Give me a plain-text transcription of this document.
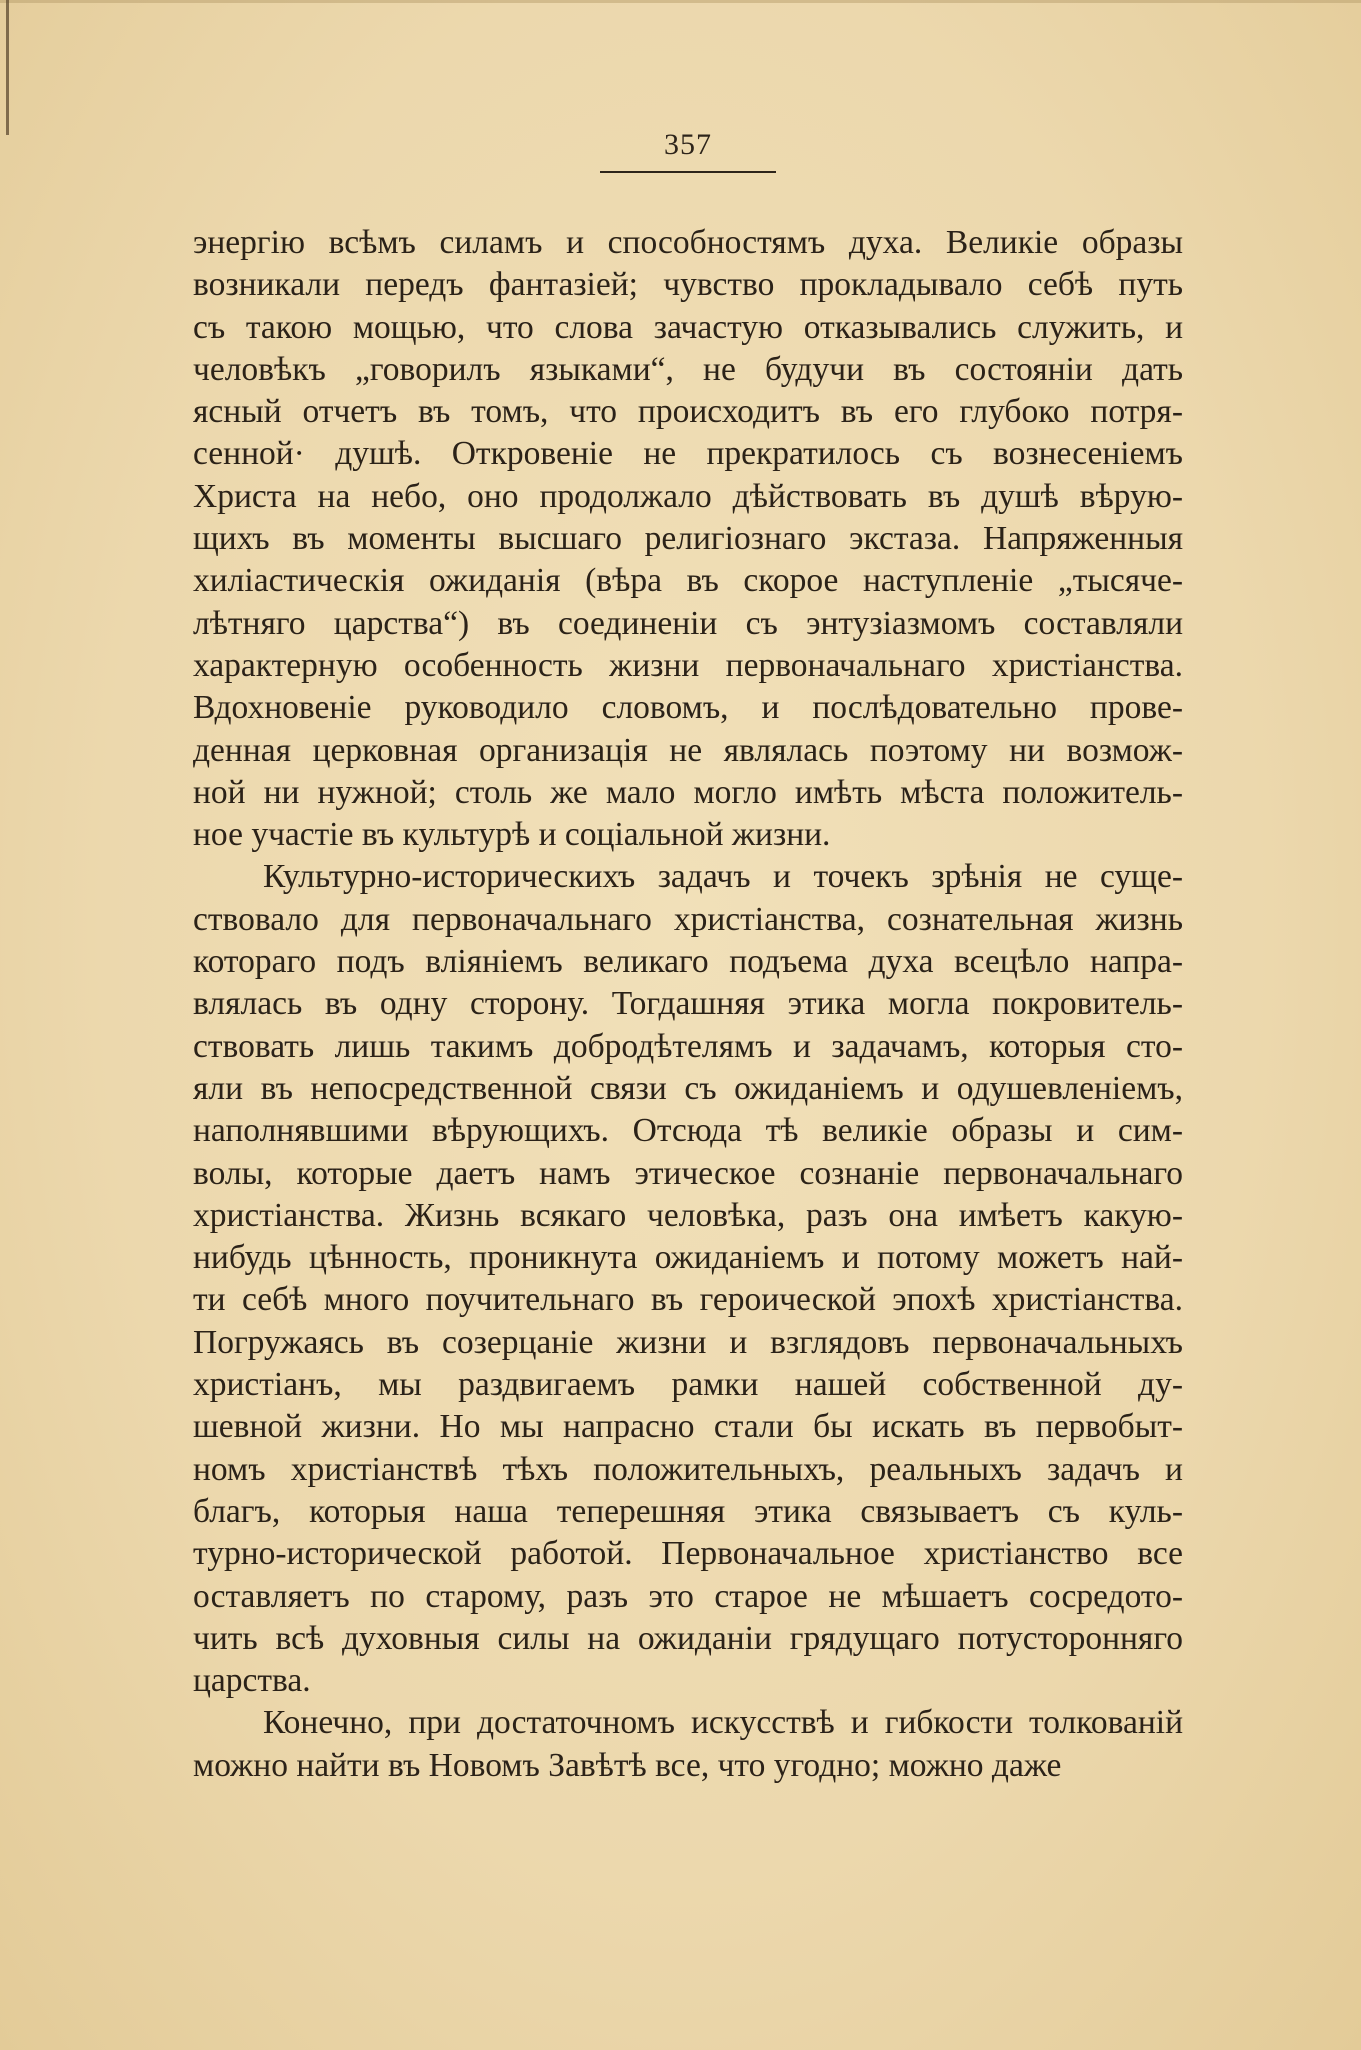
357

энергію всѣмъ силамъ и способностямъ духа. Великіе образы
возникали передъ фантазіей; чувство прокладывало себѣ путь
съ такою мощью, что слова зачастую отказывались служить, и
человѣкъ „говорилъ языками“, не будучи въ состояніи дать
ясный отчетъ въ томъ, что происходитъ въ его глубоко потря-
сенной· душѣ. Откровеніе не прекратилось съ вознесеніемъ
Христа на небо, оно продолжало дѣйствовать въ душѣ вѣрую-
щихъ въ моменты высшаго религіознаго экстаза. Напряженныя
хиліастическія ожиданія (вѣра въ скорое наступленіе „тысяче-
лѣтняго царства“) въ соединеніи съ энтузіазмомъ составляли
характерную особенность жизни первоначальнаго христіанства.
Вдохновеніе руководило словомъ, и послѣдовательно прове-
денная церковная организація не являлась поэтому ни возмож-
ной ни нужной; столь же мало могло имѣть мѣста положитель-
ное участіе въ культурѣ и соціальной жизни.

Культурно-историческихъ задачъ и точекъ зрѣнія не суще-
ствовало для первоначальнаго христіанства, сознательная жизнь
котораго подъ вліяніемъ великаго подъема духа всецѣло напра-
влялась въ одну сторону. Тогдашняя этика могла покровитель-
ствовать лишь такимъ добродѣтелямъ и задачамъ, которыя сто-
яли въ непосредственной связи съ ожиданіемъ и одушевленіемъ,
наполнявшими вѣрующихъ. Отсюда тѣ великіе образы и сим-
волы, которые даетъ намъ этическое сознаніе первоначальнаго
христіанства. Жизнь всякаго человѣка, разъ она имѣетъ какую-
нибудь цѣнность, проникнута ожиданіемъ и потому можетъ най-
ти себѣ много поучительнаго въ героической эпохѣ христіанства.
Погружаясь въ созерцаніе жизни и взглядовъ первоначальныхъ
христіанъ, мы раздвигаемъ рамки нашей собственной ду-
шевной жизни. Но мы напрасно стали бы искать въ первобыт-
номъ христіанствѣ тѣхъ положительныхъ, реальныхъ задачъ и
благъ, которыя наша теперешняя этика связываетъ съ куль-
турно-исторической работой. Первоначальное христіанство все
оставляетъ по старому, разъ это старое не мѣшаетъ сосредото-
чить всѣ духовныя силы на ожиданіи грядущаго потусторонняго
царства.

Конечно, при достаточномъ искусствѣ и гибкости толкованій
можно найти въ Новомъ Завѣтѣ все, что угодно; можно даже
